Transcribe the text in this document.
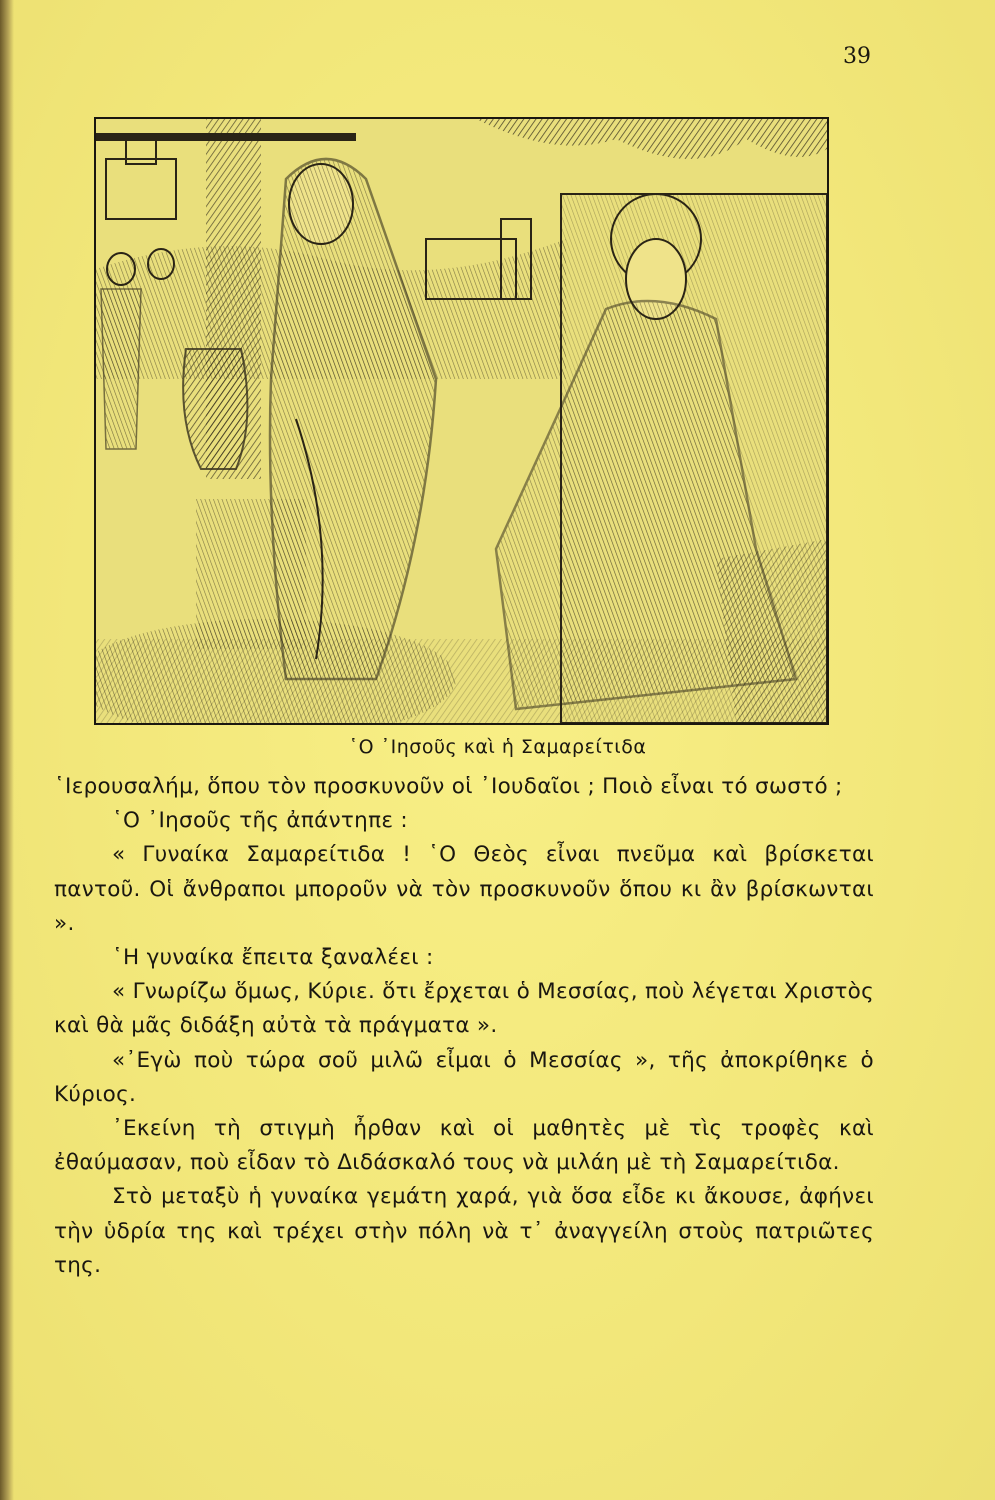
39
῾Ο ᾿Ιησοῦς καὶ ἡ Σαμαρείτιδα

῾Ιερουσαλήμ, ὅπου τὸν προσκυνοῦν οἱ ᾿Ιουδαῖοι ; Ποιὸ εἶναι τό σωστό ;

῾Ο ᾿Ιησοῦς τῆς ἀπάντηπε :

« Γυναίκα Σαμαρείτιδα ! ῾Ο Θεὸς εἶναι πνεῦμα καὶ βρίσκεται παντοῦ. Οἱ ἄνθραποι μποροῦν νὰ τὸν προσκυνοῦν ὅπου κι ἂν βρίσκωνται ».

῾Η γυναίκα ἔπειτα ξαναλέει :

« Γνωρίζω ὅμως, Κύριε. ὅτι ἔρχεται ὁ Μεσσίας, ποὺ λέγεται Χριστὸς καὶ θὰ μᾶς διδάξη αὐτὰ τὰ πράγματα ».

«᾿Εγὼ ποὺ τώρα σοῦ μιλῶ εἶμαι ὁ Μεσσίας », τῆς ἀποκρίθηκε ὁ Κύριος.

᾿Εκείνη τὴ στιγμὴ ἦρθαν καὶ οἱ μαθητὲς μὲ τὶς τροφὲς καὶ ἐθαύμασαν, ποὺ εἶδαν τὸ Διδάσκαλό τους νὰ μιλάη μὲ τὴ Σαμαρείτιδα.

Στὸ μεταξὺ ἡ γυναίκα γεμάτη χαρά, γιὰ ὅσα εἶδε κι ἄκουσε, ἀφήνει τὴν ὑδρία της καὶ τρέχει στὴν πόλη νὰ τ᾿ ἀναγγείλη στοὺς πατριῶτες της.
